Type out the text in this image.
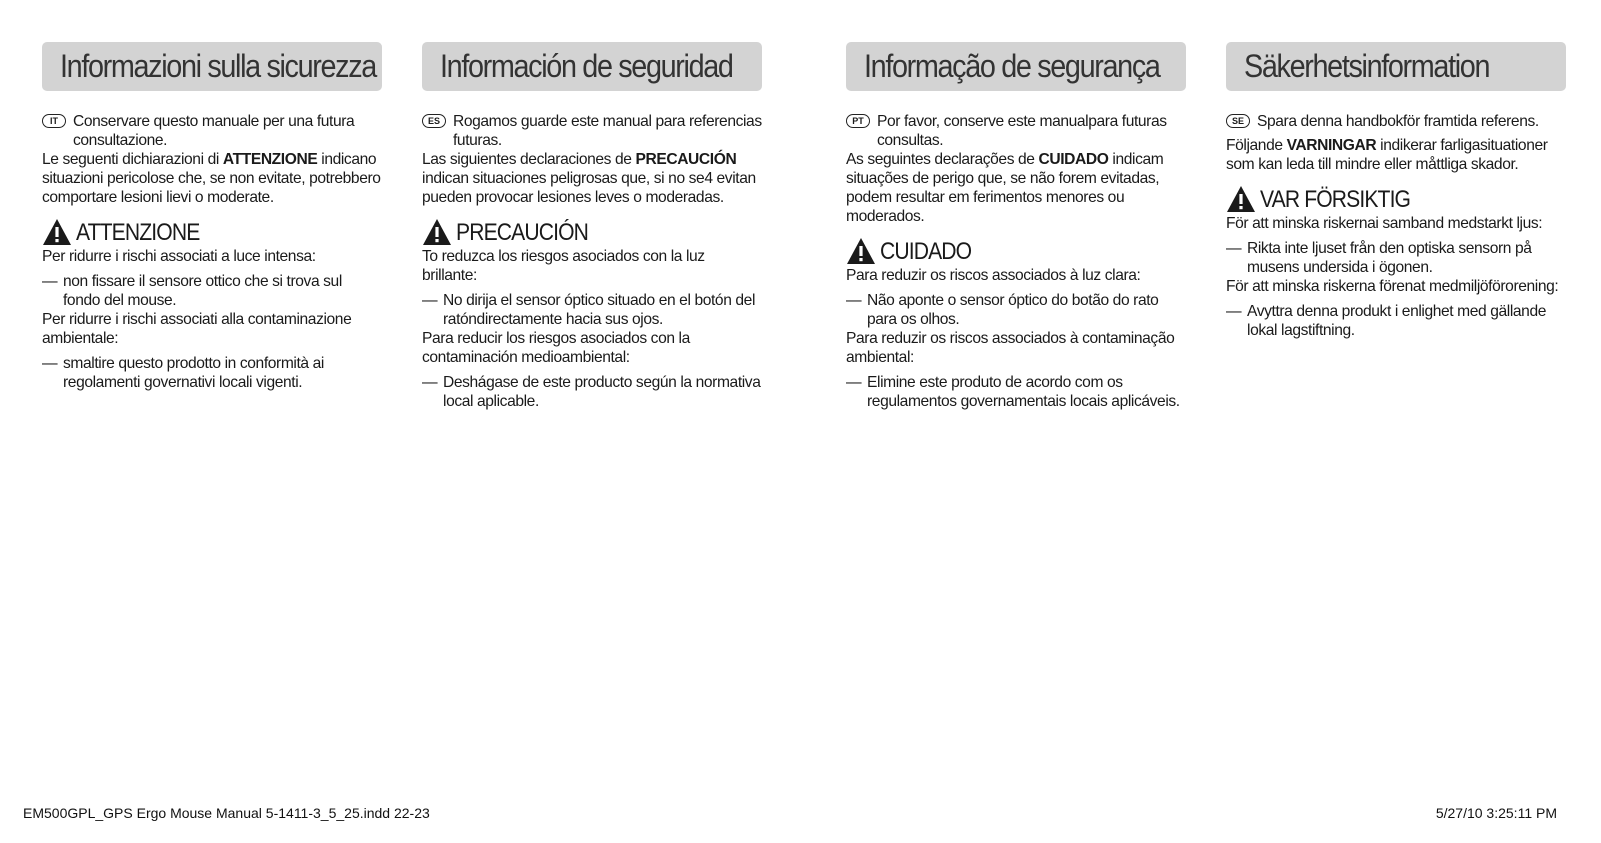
Informazioni sulla sicurezza
IT Conservare questo manuale per una futura consultazione.

Le seguenti dichiarazioni di ATTENZIONE indicano situazioni pericolose che, se non evitate, potrebbero comportare lesioni lievi o moderate.

ATTENZIONE

Per ridurre i rischi associati a luce intensa:

— non fissare il sensore ottico che si trova sul fondo del mouse.

Per ridurre i rischi associati alla contaminazione ambientale:

— smaltire questo prodotto in conformità ai regolamenti governativi locali vigenti.
Información de seguridad
ES Rogamos guarde este manual para referencias futuras.

Las siguientes declaraciones de PRECAUCIÓN indican situaciones peligrosas que, si no se4 evitan pueden provocar lesiones leves o moderadas.

PRECAUCIÓN

To reduzca los riesgos asociados con la luz brillante:

— No dirija el sensor óptico situado en el botón del ratóndirectamente hacia sus ojos.

Para reducir los riesgos asociados con la contaminación medioambiental:

— Deshágase de este producto según la normativa local aplicable.
Informação de segurança
PT Por favor, conserve este manualpara futuras consultas.

As seguintes declarações de CUIDADO indicam situações de perigo que, se não forem evitadas, podem resultar em ferimentos menores ou moderados.

CUIDADO

Para reduzir os riscos associados à luz clara:

— Não aponte o sensor óptico do botão do rato para os olhos.

Para reduzir os riscos associados à contaminação ambiental:

— Elimine este produto de acordo com os regulamentos governamentais locais aplicáveis.
Säkerhetsinformation
SE Spara denna handbokför framtida referens.

Följande VARNINGAR indikerar farligasituationer som kan leda till mindre eller måttliga skador.

VAR FÖRSIKTIG

För att minska riskernai samband medstarkt ljus:

— Rikta inte ljuset från den optiska sensorn på musens undersida i ögonen.

För att minska riskerna förenat medmiljöförorening:

— Avyttra denna produkt i enlighet med gällande lokal lagstiftning.
EM500GPL_GPS Ergo Mouse Manual 5-1411-3_5_25.indd 22-23	5/27/10 3:25:11 PM
